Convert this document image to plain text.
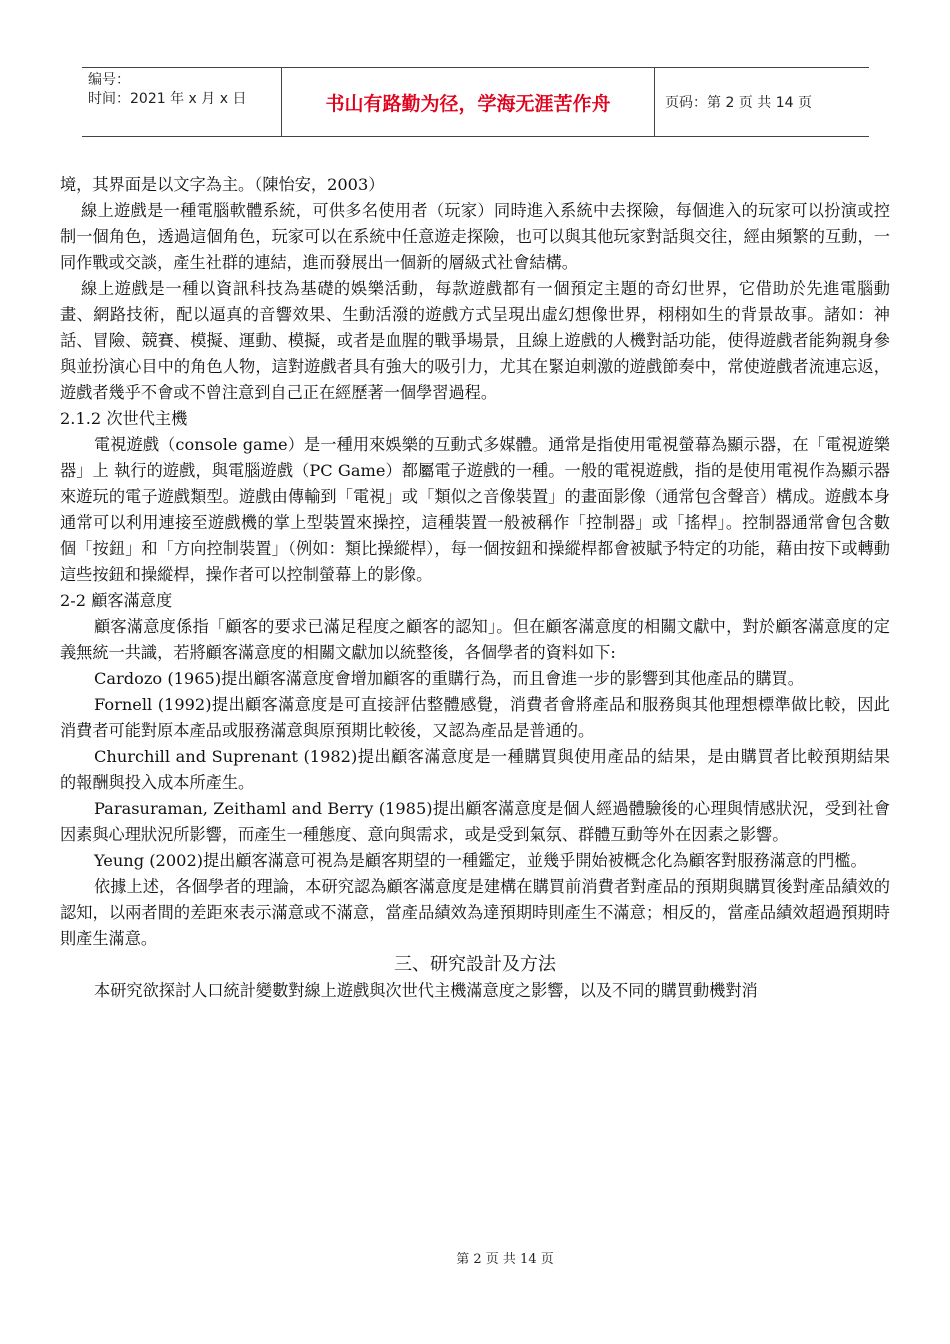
编号：
时间：2021 年 x 月 x 日	书山有路勤为径，学海无涯苦作舟	页码：第 2 页 共 14 页

境，其界面是以文字為主。（陳怡安，2003）

線上遊戲是一種電腦軟體系統，可供多名使用者（玩家）同時進入系統中去探險，每個進入的玩家可以扮演或控制一個角色，透過這個角色，玩家可以在系統中任意遊走探險，也可以與其他玩家對話與交往，經由頻繁的互動，一同作戰或交談，產生社群的連結，進而發展出一個新的層級式社會結構。

線上遊戲是一種以資訊科技為基礎的娛樂活動，每款遊戲都有一個預定主題的奇幻世界，它借助於先進電腦動畫、網路技術，配以逼真的音響效果、生動活潑的遊戲方式呈現出虛幻想像世界，栩栩如生的背景故事。諸如：神話、冒險、競賽、模擬、運動、模擬，或者是血腥的戰爭場景，且線上遊戲的人機對話功能，使得遊戲者能夠親身參與並扮演心目中的角色人物，這對遊戲者具有強大的吸引力，尤其在緊迫刺激的遊戲節奏中，常使遊戲者流連忘返，遊戲者幾乎不會或不曾注意到自己正在經歷著一個學習過程。

2.1.2 次世代主機

電視遊戲（console game）是一種用來娛樂的互動式多媒體。通常是指使用電視螢幕為顯示器，在「電視遊樂器」上 執行的遊戲，與電腦遊戲（PC Game）都屬電子遊戲的一種。一般的電視遊戲，指的是使用電視作為顯示器來遊玩的電子遊戲類型。遊戲由傳輸到「電視」或「類似之音像裝置」的畫面影像（通常包含聲音）構成。遊戲本身通常可以利用連接至遊戲機的掌上型裝置來操控，這種裝置一般被稱作「控制器」或「搖桿」。控制器通常會包含數個「按鈕」和「方向控制裝置」（例如：類比操縱桿），每一個按鈕和操縱桿都會被賦予特定的功能，藉由按下或轉動這些按鈕和操縱桿，操作者可以控制螢幕上的影像。

2-2 顧客滿意度

顧客滿意度係指「顧客的要求已滿足程度之顧客的認知」。但在顧客滿意度的相關文獻中，對於顧客滿意度的定義無統一共識，若將顧客滿意度的相關文獻加以統整後，各個學者的資料如下:

Cardozo (1965)提出顧客滿意度會增加顧客的重購行為，而且會進一步的影響到其他產品的購買。

Fornell (1992)提出顧客滿意度是可直接評估整體感覺，消費者會將產品和服務與其他理想標準做比較，因此消費者可能對原本產品或服務滿意與原預期比較後，又認為產品是普通的。

Churchill and Suprenant (1982)提出顧客滿意度是一種購買與使用產品的結果，是由購買者比較預期結果的報酬與投入成本所產生。

Parasuraman, Zeithaml and Berry (1985)提出顧客滿意度是個人經過體驗後的心理與情感狀況，受到社會因素與心理狀況所影響，而產生一種態度、意向與需求，或是受到氣氛、群體互動等外在因素之影響。

Yeung (2002)提出顧客滿意可視為是顧客期望的一種鑑定，並幾乎開始被概念化為顧客對服務滿意的門檻。

依據上述，各個學者的理論，本研究認為顧客滿意度是建構在購買前消費者對產品的預期與購買後對產品績效的認知，以兩者間的差距來表示滿意或不滿意，當產品績效為達預期時則產生不滿意；相反的，當產品績效超過預期時則產生滿意。

三、研究設計及方法

本研究欲探討人口統計變數對線上遊戲與次世代主機滿意度之影響，以及不同的購買動機對消

第 2 页 共 14 页
